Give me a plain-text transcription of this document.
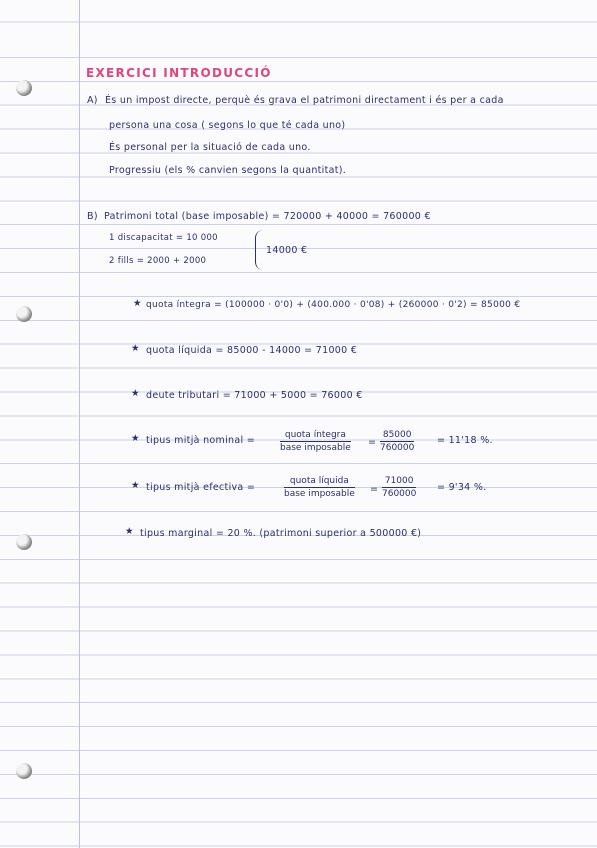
EXERCICI INTRODUCCIÓ
A) És un impost directe, perquè és grava el patrimoni directament i és per a cada
persona una cosa ( segons lo que té cada uno)
És personal per la situació de cada uno.
Progressiu (els % canvien segons la quantitat).
B) Patrimoni total (base imposable) = 720000 + 40000 = 760000 €
1 discapacitat = 10 000
2 fills = 2000 + 2000
14000 €
★ quota íntegra = (100000 · 0'0) + (400.000 · 0'08) + (260000 · 0'2) = 85000 €
★ quota líquida = 85000 - 14000 = 71000 €
★ deute tributari = 71000 + 5000 = 76000 €
★ tipus mitjà nominal =	quota íntegra
base imposable = $\frac{85000}{760000} = 11'18$ %.
★ tipus mitjà efectiva =
quota líquida
base imposable = $\frac{71000}{760000} = 9'34$ %.
★ tipus marginal = 20 %. (patrimoni superior a 500000 €)
